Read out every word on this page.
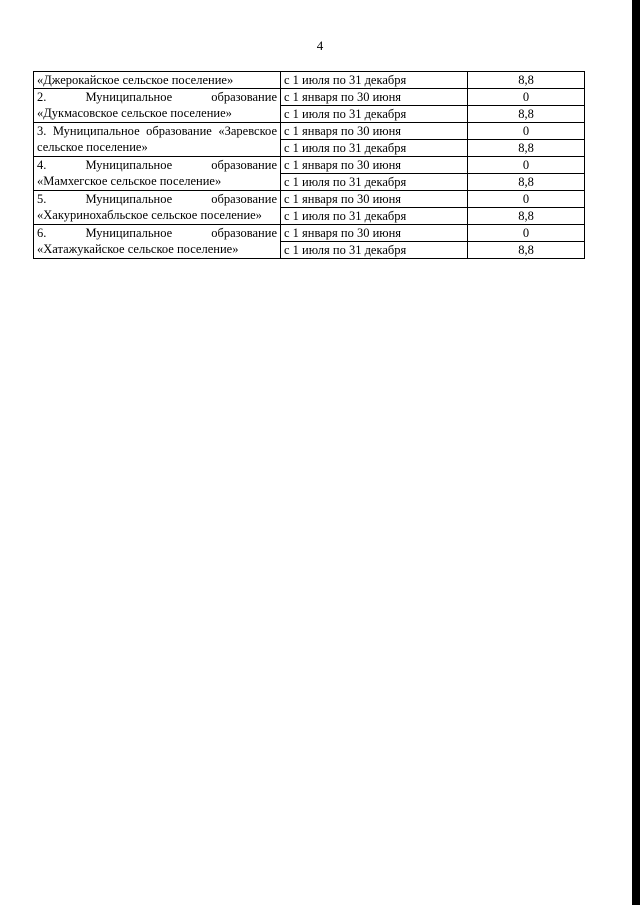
4
«Джерокайское сельское поселение»	с 1 июля по 31 декабря	8,8
2. Муниципальное образование «Дукмасовское сельское поселение»	с 1 января по 30 июня	0
	с 1 июля по 31 декабря	8,8
3. Муниципальное образование «Заревское сельское поселение»	с 1 января по 30 июня	0
	с 1 июля по 31 декабря	8,8
4. Муниципальное образование «Мамхегское сельское поселение»	с 1 января по 30 июня	0
	с 1 июля по 31 декабря	8,8
5. Муниципальное образование «Хакуринохабльское сельское поселение»	с 1 января по 30 июня	0
	с 1 июля по 31 декабря	8,8

6. Муниципальное образование «Хатажукайское сельское поселение»	с 1 января по 30 июня	0
	с 1 июля по 31 декабря	8,8
